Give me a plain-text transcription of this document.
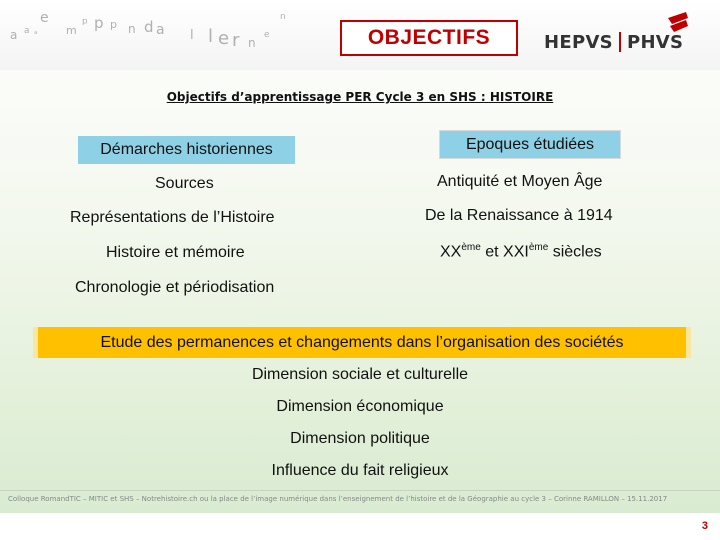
a a ᵃ
e
m ᵖ p p n d a l l e r n
e
n
OBJECTIFS	HEPVS PHVS
Objectifs d’apprentissage PER Cycle 3 en SHS : HISTOIRE
Démarches historiennes	Epoques étudiées
Sources
Représentations de l’Histoire
Histoire et mémoire
Chronologie et périodisation
Antiquité et Moyen Âge
De la Renaissance à 1914
XXème et XXIème siècles
Etude des permanences et changements dans l’organisation des sociétés
Dimension sociale et culturelle
Dimension économique
Dimension politique
Influence du fait religieux
Colloque RomandTIC – MITIC et SHS – Notrehistoire.ch ou la place de l’image numérique dans l’enseignement de l’histoire et de la Géographie au cycle 3 – Corinne RAMILLON – 15.11.2017
3
